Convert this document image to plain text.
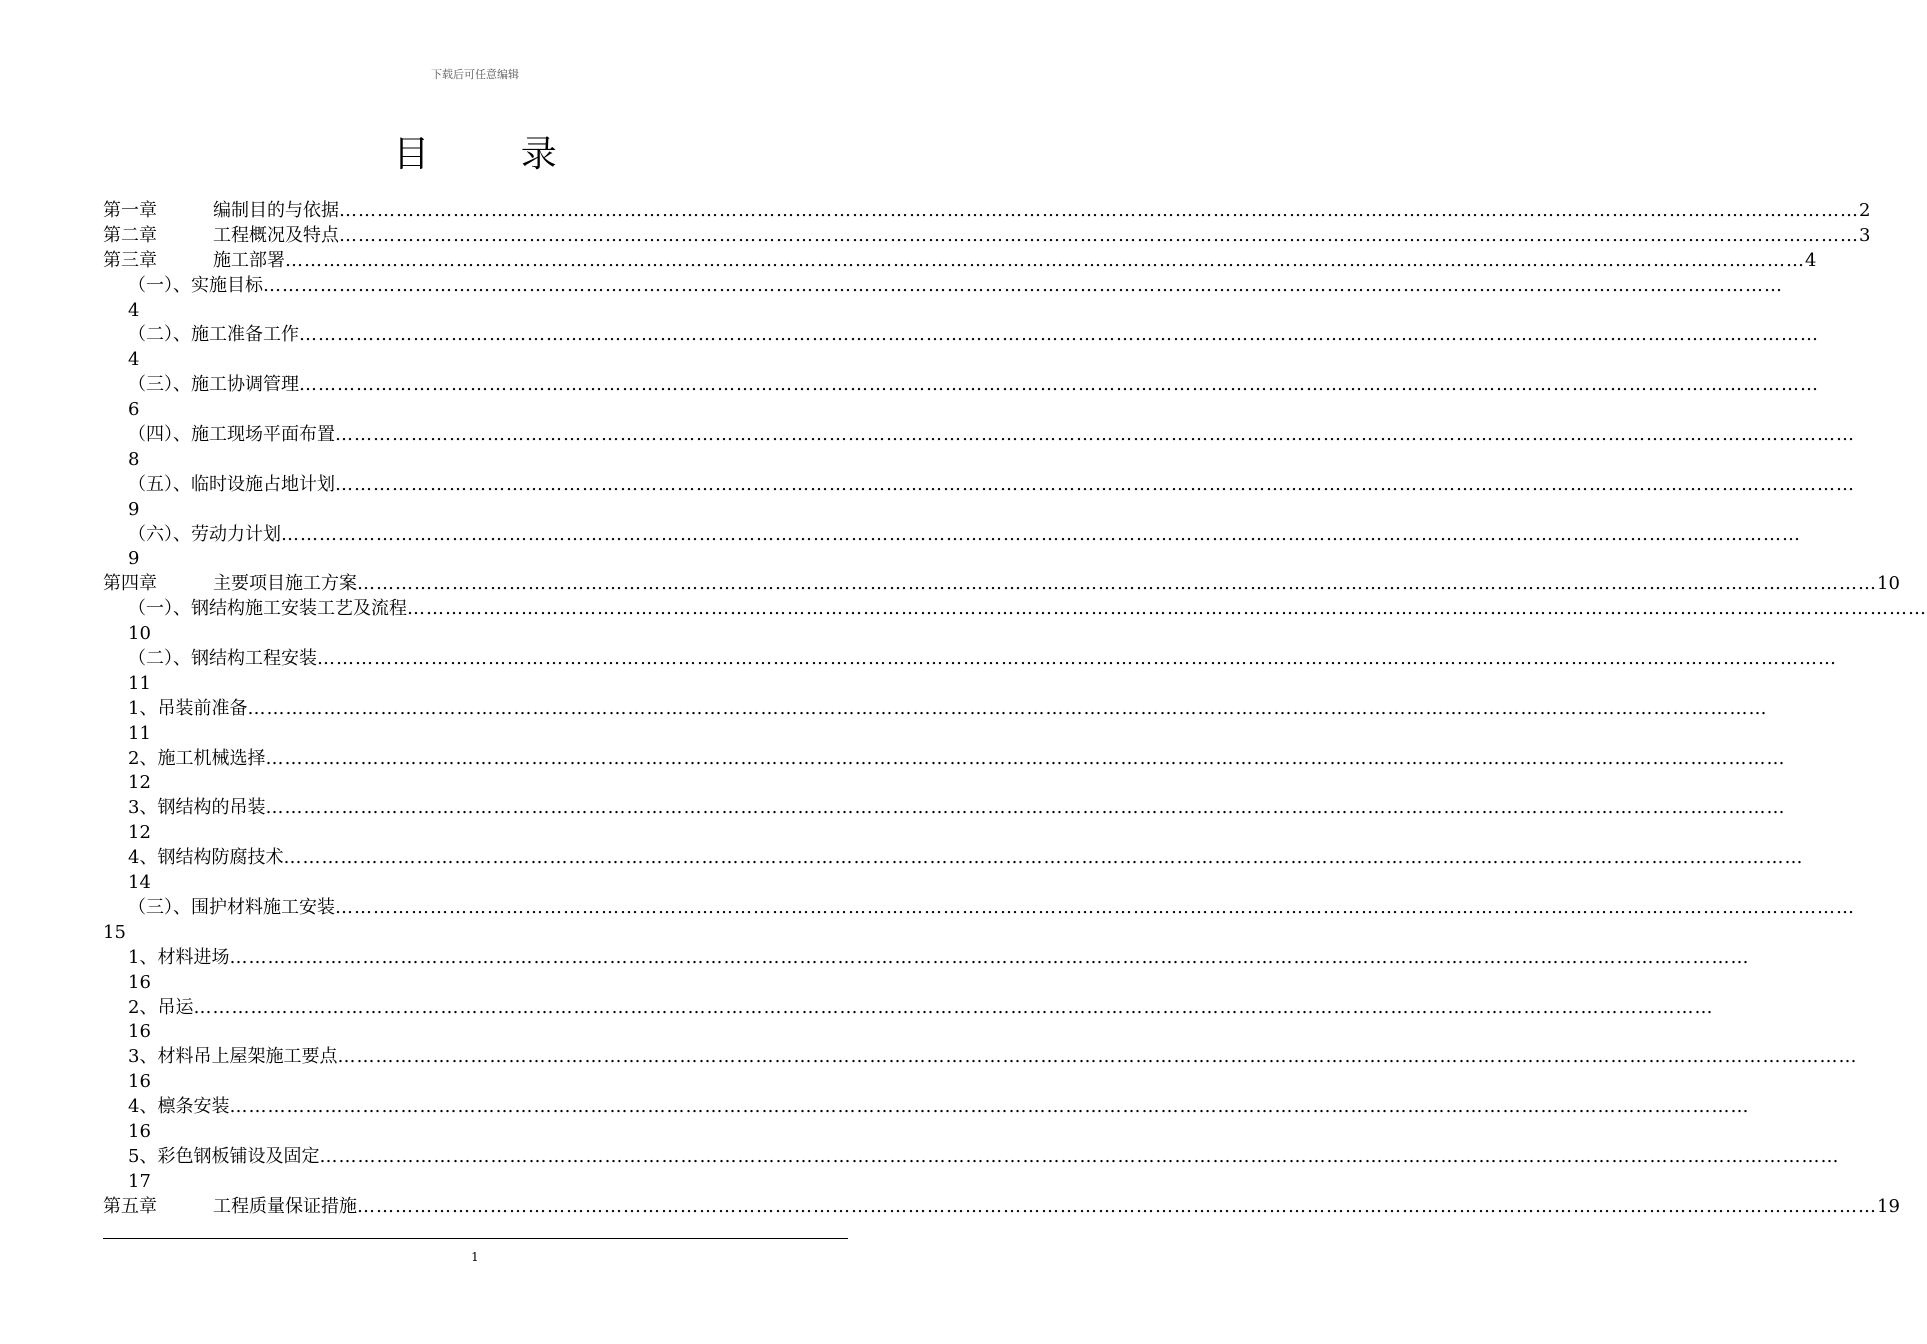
下载后可任意编辑
目 录
第一章	编制目的与依据 …………………………………………………………………………………………………………………………………………………………………………………………………………………… 2
第二章	工程概况及特点 …………………………………………………………………………………………………………………………………………………………………………………………………………………… 3
第三章	施工部署 …………………………………………………………………………………………………………………………………………………………………………………………………………………… 4
（一）、实施目标 ……………………………………………………………………………………………………………………………………………………………………………………………………………………
4
（二）、施工准备工作 ……………………………………………………………………………………………………………………………………………………………………………………………………………………
4
（三）、施工协调管理 ……………………………………………………………………………………………………………………………………………………………………………………………………………………
6
（四）、施工现场平面布置 ……………………………………………………………………………………………………………………………………………………………………………………………………………………
8
（五）、临时设施占地计划 ……………………………………………………………………………………………………………………………………………………………………………………………………………………
9
（六）、劳动力计划 ……………………………………………………………………………………………………………………………………………………………………………………………………………………
9
第四章	主要项目施工方案 …………………………………………………………………………………………………………………………………………………………………………………………………………………… 10
（一）、钢结构施工安装工艺及流程 ……………………………………………………………………………………………………………………………………………………………………………………………………………………
10
（二）、钢结构工程安装 ……………………………………………………………………………………………………………………………………………………………………………………………………………………
11
1、吊装前准备 ……………………………………………………………………………………………………………………………………………………………………………………………………………………
11
2、施工机械选择 ……………………………………………………………………………………………………………………………………………………………………………………………………………………
12
3、钢结构的吊装 ……………………………………………………………………………………………………………………………………………………………………………………………………………………
12
4、钢结构防腐技术 ……………………………………………………………………………………………………………………………………………………………………………………………………………………
14
（三）、围护材料施工安装 ……………………………………………………………………………………………………………………………………………………………………………………………………………………
15
1、材料进场 ……………………………………………………………………………………………………………………………………………………………………………………………………………………
16
2、吊运 ……………………………………………………………………………………………………………………………………………………………………………………………………………………
16
3、材料吊上屋架施工要点 ……………………………………………………………………………………………………………………………………………………………………………………………………………………
16
4、檩条安装 ……………………………………………………………………………………………………………………………………………………………………………………………………………………
16
5、彩色钢板铺设及固定 ……………………………………………………………………………………………………………………………………………………………………………………………………………………
17
第五章	工程质量保证措施 …………………………………………………………………………………………………………………………………………………………………………………………………………………… 19
1
